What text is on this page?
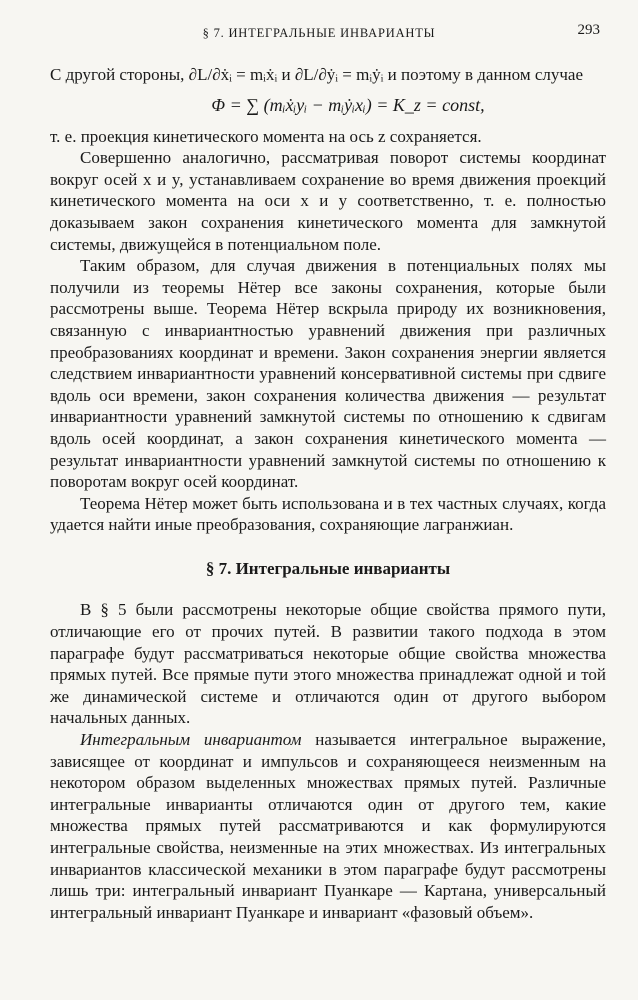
§ 7. ИНТЕГРАЛЬНЫЕ ИНВАРИАНТЫ	293

С другой стороны, ∂L/∂ẋᵢ = mᵢẋᵢ и ∂L/∂ẏᵢ = mᵢẏᵢ и поэтому в данном случае

Φ = ∑ (mᵢẋᵢyᵢ − mᵢẏᵢxᵢ) = K_z = const,

т. е. проекция кинетического момента на ось z сохраняется.

Совершенно аналогично, рассматривая поворот системы координат вокруг осей x и y, устанавливаем сохранение во время движения проекций кинетического момента на оси x и y соответственно, т. е. полностью доказываем закон сохранения кинетического момента для замкнутой системы, движущейся в потенциальном поле.

Таким образом, для случая движения в потенциальных полях мы получили из теоремы Нётер все законы сохранения, которые были рассмотрены выше. Теорема Нётер вскрыла природу их возникновения, связанную с инвариантностью уравнений движения при различных преобразованиях координат и времени. Закон сохранения энергии является следствием инвариантности уравнений консервативной системы при сдвиге вдоль оси времени, закон сохранения количества движения — результат инвариантности уравнений замкнутой системы по отношению к сдвигам вдоль осей координат, а закон сохранения кинетического момента — результат инвариантности уравнений замкнутой системы по отношению к поворотам вокруг осей координат.

Теорема Нётер может быть использована и в тех частных случаях, когда удается найти иные преобразования, сохраняющие лагранжиан.

§ 7. Интегральные инварианты

В § 5 были рассмотрены некоторые общие свойства прямого пути, отличающие его от прочих путей. В развитии такого подхода в этом параграфе будут рассматриваться некоторые общие свойства множества прямых путей. Все прямые пути этого множества принадлежат одной и той же динамической системе и отличаются один от другого выбором начальных данных.

Интегральным инвариантом называется интегральное выражение, зависящее от координат и импульсов и сохраняющееся неизменным на некотором образом выделенных множествах прямых путей. Различные интегральные инварианты отличаются один от другого тем, какие множества прямых путей рассматриваются и как формулируются интегральные свойства, неизменные на этих множествах. Из интегральных инвариантов классической механики в этом параграфе будут рассмотрены лишь три: интегральный инвариант Пуанкаре — Картана, универсальный интегральный инвариант Пуанкаре и инвариант «фазовый объем».
